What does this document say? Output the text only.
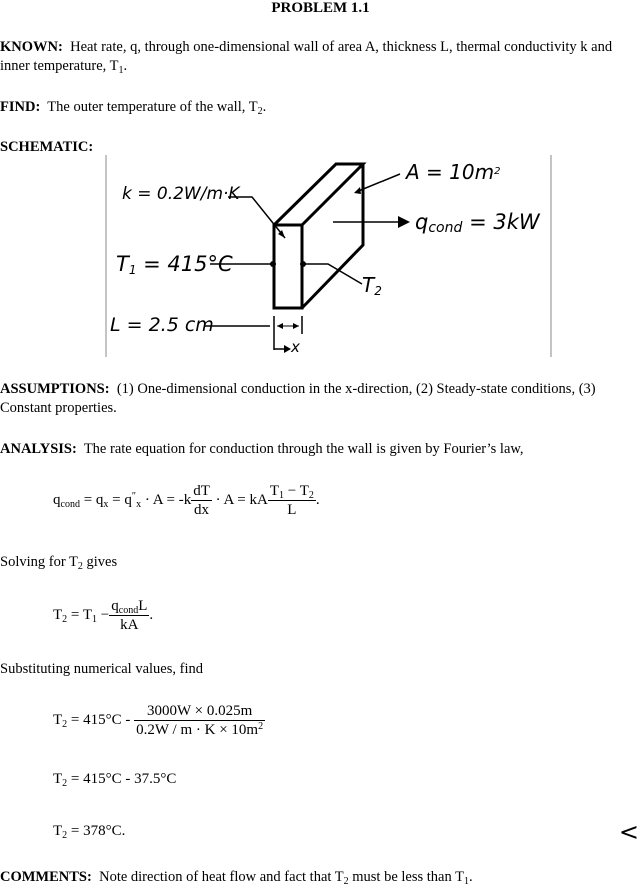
PROBLEM 1.1
KNOWN: Heat rate, q, through one-dimensional wall of area A, thickness L, thermal conductivity k and inner temperature, $T_1$.
FIND: The outer temperature of the wall, $T_2$.
SCHEMATIC:
k = 0.2W/m·K
$A = 10m^2$
$q_{cond} = 3kW$
$T_1 = 415^\circ C$
$T_2$
L = 2.5 cm
x
ASSUMPTIONS: (1) One-dimensional conduction in the x-direction, (2) Steady-state conditions, (3) Constant properties.
ANALYSIS: The rate equation for conduction through the wall is given by Fourier’s law,
$q_{cond} = q_x = q''_x \cdot A = -k \frac{dT}{dx} \cdot A$ = kA $\frac{T_1 - T_2}{L}$ .
Solving for $T_2$ gives
$T_2 = T_1 - \frac{q_{cond}L}{kA}$ .
Substituting numerical values, find
$T_2 = 415^\circ C - \frac{3000W \times 0.025m}{0.2W / m \cdot K \times 10m^2}$
$T_2 = 415^\circ C - 37.5^\circ C$
$T_2 = 378^\circ C$.	<
COMMENTS: Note direction of heat flow and fact that $T_2$ must be less than $T_1$.
